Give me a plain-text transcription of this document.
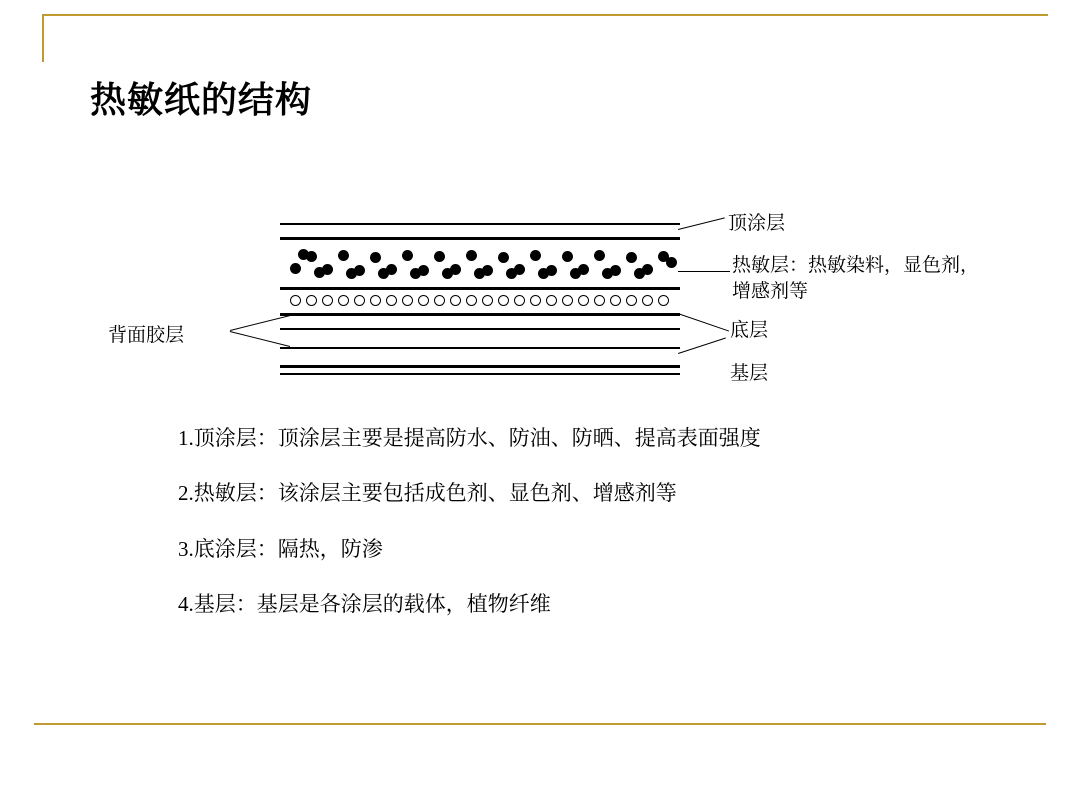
热敏纸的结构
顶涂层
热敏层：热敏染料，显色剂，增感剂等
底层
基层
背面胶层
1.顶涂层：顶涂层主要是提高防水、防油、防晒、提高表面强度
2.热敏层：该涂层主要包括成色剂、显色剂、增感剂等
3.底涂层：隔热，防渗
4.基层：基层是各涂层的载体，植物纤维
